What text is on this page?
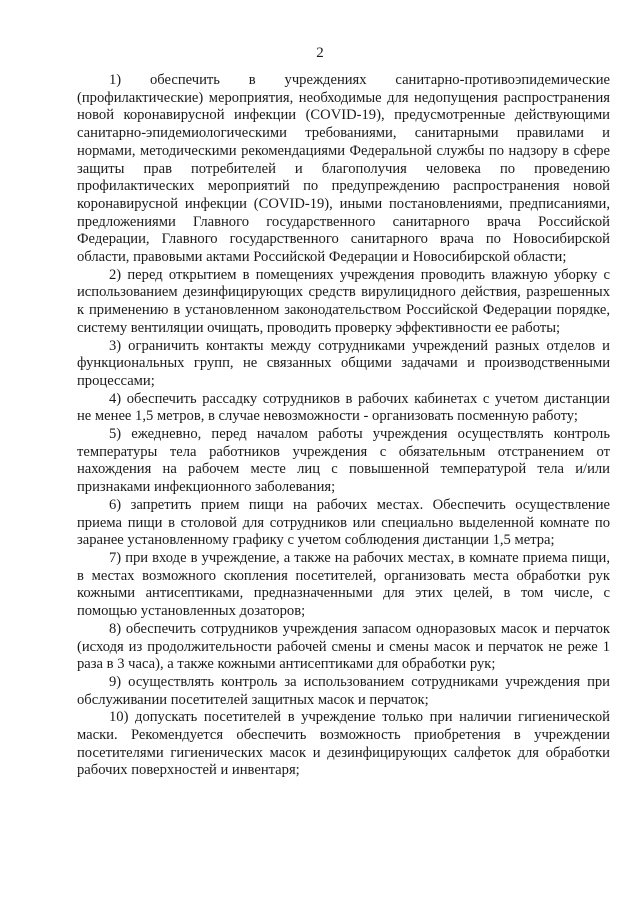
2

1) обеспечить в учреждениях санитарно-противоэпидемические (профилактические) мероприятия, необходимые для недопущения распространения новой коронавирусной инфекции (COVID-19), предусмотренные действующими санитарно-эпидемиологическими требованиями, санитарными правилами и нормами, методическими рекомендациями Федеральной службы по надзору в сфере защиты прав потребителей и благополучия человека по проведению профилактических мероприятий по предупреждению распространения новой коронавирусной инфекции (COVID-19), иными постановлениями, предписаниями, предложениями Главного государственного санитарного врача Российской Федерации, Главного государственного санитарного врача по Новосибирской области, правовыми актами Российской Федерации и Новосибирской области;

2) перед открытием в помещениях учреждения проводить влажную уборку с использованием дезинфицирующих средств вирулицидного действия, разрешенных к применению в установленном законодательством Российской Федерации порядке, систему вентиляции очищать, проводить проверку эффективности ее работы;

3) ограничить контакты между сотрудниками учреждений разных отделов и функциональных групп, не связанных общими задачами и производственными процессами;

4) обеспечить рассадку сотрудников в рабочих кабинетах с учетом дистанции не менее 1,5 метров, в случае невозможности - организовать посменную работу;

5) ежедневно, перед началом работы учреждения осуществлять контроль температуры тела работников учреждения с обязательным отстранением от нахождения на рабочем месте лиц с повышенной температурой тела и/или признаками инфекционного заболевания;

6) запретить прием пищи на рабочих местах. Обеспечить осуществление приема пищи в столовой для сотрудников или специально выделенной комнате по заранее установленному графику с учетом соблюдения дистанции 1,5 метра;

7) при входе в учреждение, а также на рабочих местах, в комнате приема пищи, в местах возможного скопления посетителей, организовать места обработки рук кожными антисептиками, предназначенными для этих целей, в том числе, с помощью установленных дозаторов;

8) обеспечить сотрудников учреждения запасом одноразовых масок и перчаток (исходя из продолжительности рабочей смены и смены масок и перчаток не реже 1 раза в 3 часа), а также кожными антисептиками для обработки рук;

9) осуществлять контроль за использованием сотрудниками учреждения при обслуживании посетителей защитных масок и перчаток;

10) допускать посетителей в учреждение только при наличии гигиенической маски. Рекомендуется обеспечить возможность приобретения в учреждении посетителями гигиенических масок и дезинфицирующих салфеток для обработки рабочих поверхностей и инвентаря;
